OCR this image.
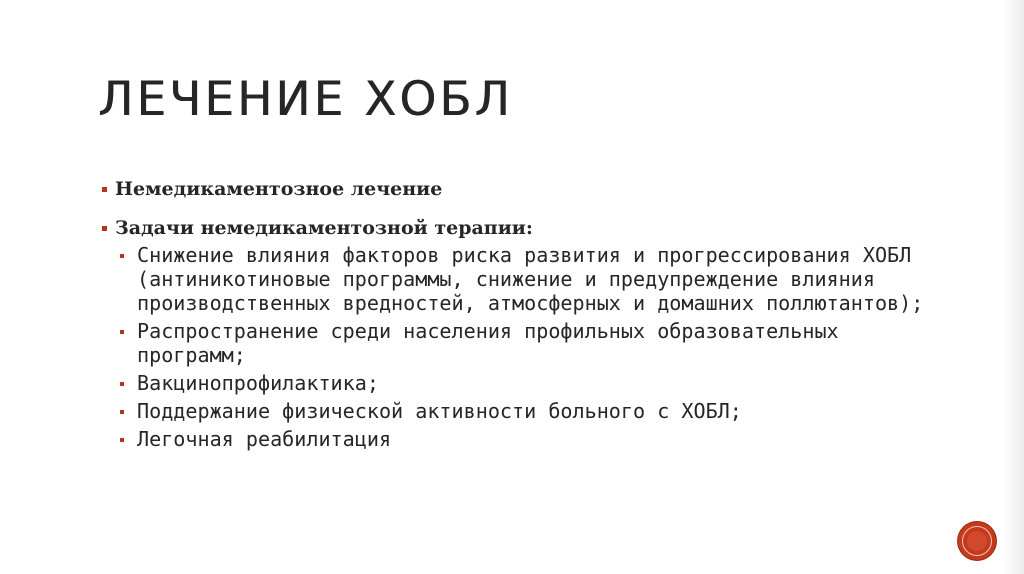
ЛЕЧЕНИЕ ХОБЛ
Немедикаментозное лечение
Задачи немедикаментозной терапии:
Снижение влияния факторов риска развития и прогрессирования ХОБЛ (антиникотиновые программы, снижение и предупреждение влияния производственных вредностей, атмосферных и домашних поллютантов);
Распространение среди населения профильных образовательных программ;
Вакцинопрофилактика;
Поддержание физической активности больного с ХОБЛ;
Легочная реабилитация
